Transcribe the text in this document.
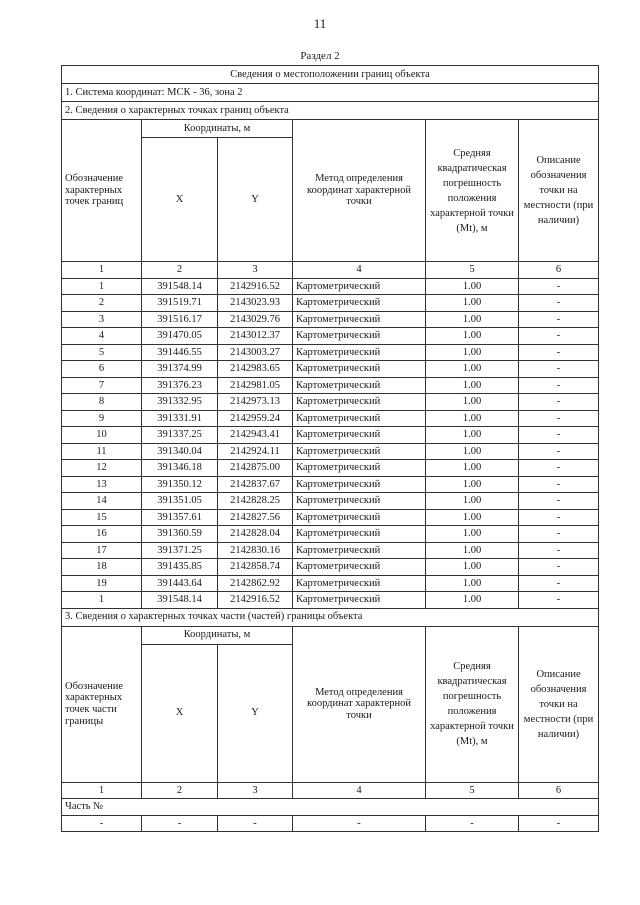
11
Раздел 2
Сведения о местоположении границ объекта					
1. Система координат: МСК - 36, зона 2					
2. Сведения о характерных точках границ объекта					
Обозначение характерных точек границ	Координаты, м		Метод определения координат характерной точки	Средняя квадратическая погрешность положения характерной точки (Mt), м	Описание обозначения точки на местности (при наличии)
	X	Y			
1	2	3	4	5	6
1	391548.14	2142916.52	Картометрический	1.00	-
2	391519.71	2143023.93	Картометрический	1.00	-
3	391516.17	2143029.76	Картометрический	1.00	-
4	391470.05	2143012.37	Картометрический	1.00	-
5	391446.55	2143003.27	Картометрический	1.00	-
6	391374.99	2142983.65	Картометрический	1.00	-
7	391376.23	2142981.05	Картометрический	1.00	-
8	391332.95	2142973.13	Картометрический	1.00	-
9	391331.91	2142959.24	Картометрический	1.00	-
10	391337.25	2142943.41	Картометрический	1.00	-
11	391340.04	2142924.11	Картометрический	1.00	-
12	391346.18	2142875.00	Картометрический	1.00	-
13	391350.12	2142837.67	Картометрический	1.00	-
14	391351.05	2142828.25	Картометрический	1.00	-
15	391357.61	2142827.56	Картометрический	1.00	-
16	391360.59	2142828.04	Картометрический	1.00	-
17	391371.25	2142830.16	Картометрический	1.00	-
18	391435.85	2142858.74	Картометрический	1.00	-
19	391443.64	2142862.92	Картометрический	1.00	-
1	391548.14	2142916.52	Картометрический	1.00	-
3. Сведения о характерных точках части (частей) границы объекта					

Обозначение
характерных
точек части
границы	Координаты, м		Метод определения координат характерной точки	Средняя квадратическая погрешность положения характерной точки (Mt), м	Описание обозначения точки на местности (при наличии)
	X	Y			
1	2	3	4	5	6
Часть №					
-	-	-	-	-	-
